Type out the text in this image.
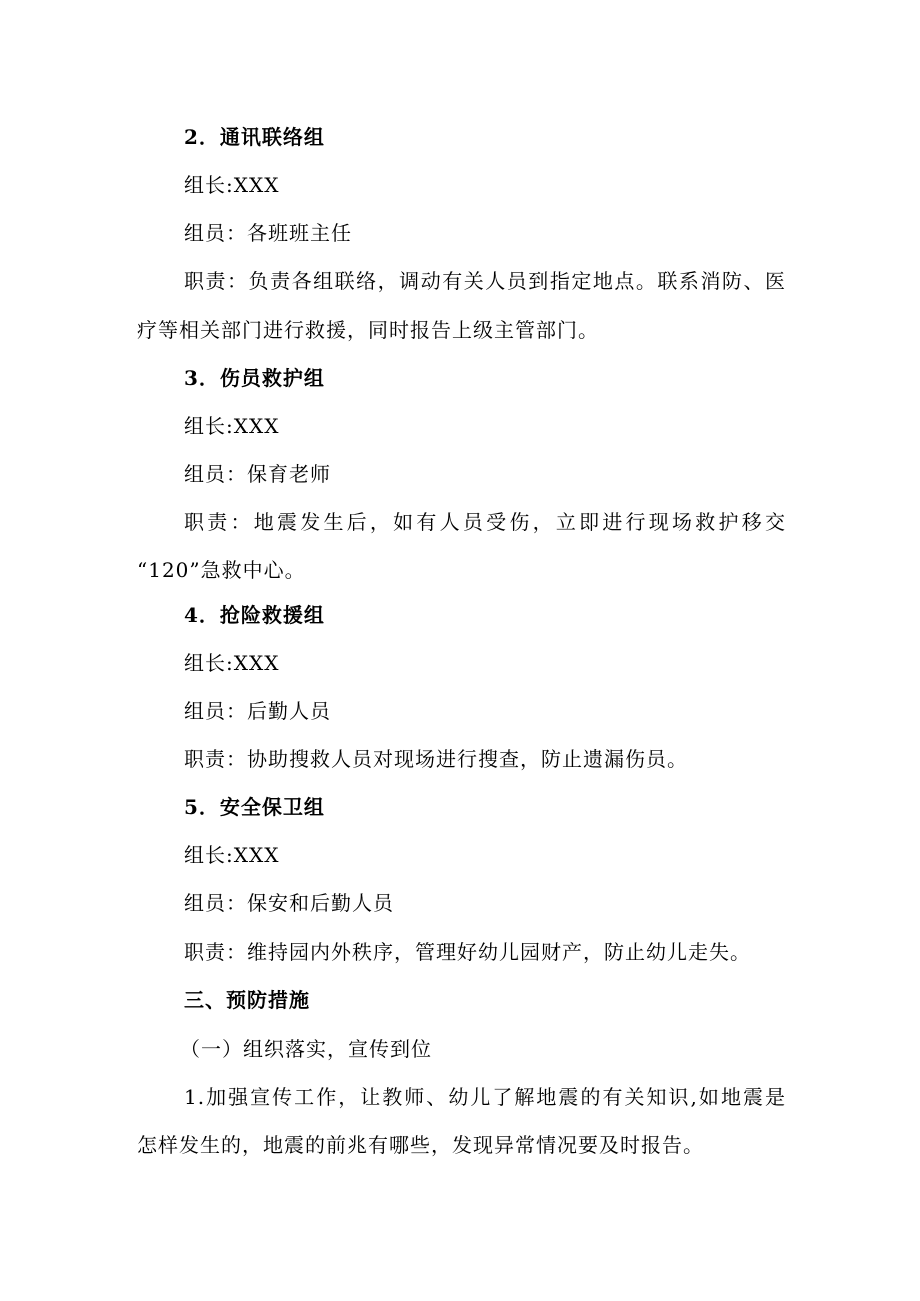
2．通讯联络组
组长:XXX
组员：各班班主任
职责：负责各组联络，调动有关人员到指定地点。联系消防、医
疗等相关部门进行救援，同时报告上级主管部门。
3．伤员救护组
组长:XXX
组员：保育老师
职责：地震发生后，如有人员受伤，立即进行现场救护移交
“120”急救中心。
4．抢险救援组
组长:XXX
组员：后勤人员
职责：协助搜救人员对现场进行搜查，防止遗漏伤员。
5．安全保卫组
组长:XXX
组员：保安和后勤人员
职责：维持园内外秩序，管理好幼儿园财产，防止幼儿走失。
三、预防措施
（一）组织落实，宣传到位
1.加强宣传工作，让教师、幼儿了解地震的有关知识,如地震是
怎样发生的，地震的前兆有哪些，发现异常情况要及时报告。
